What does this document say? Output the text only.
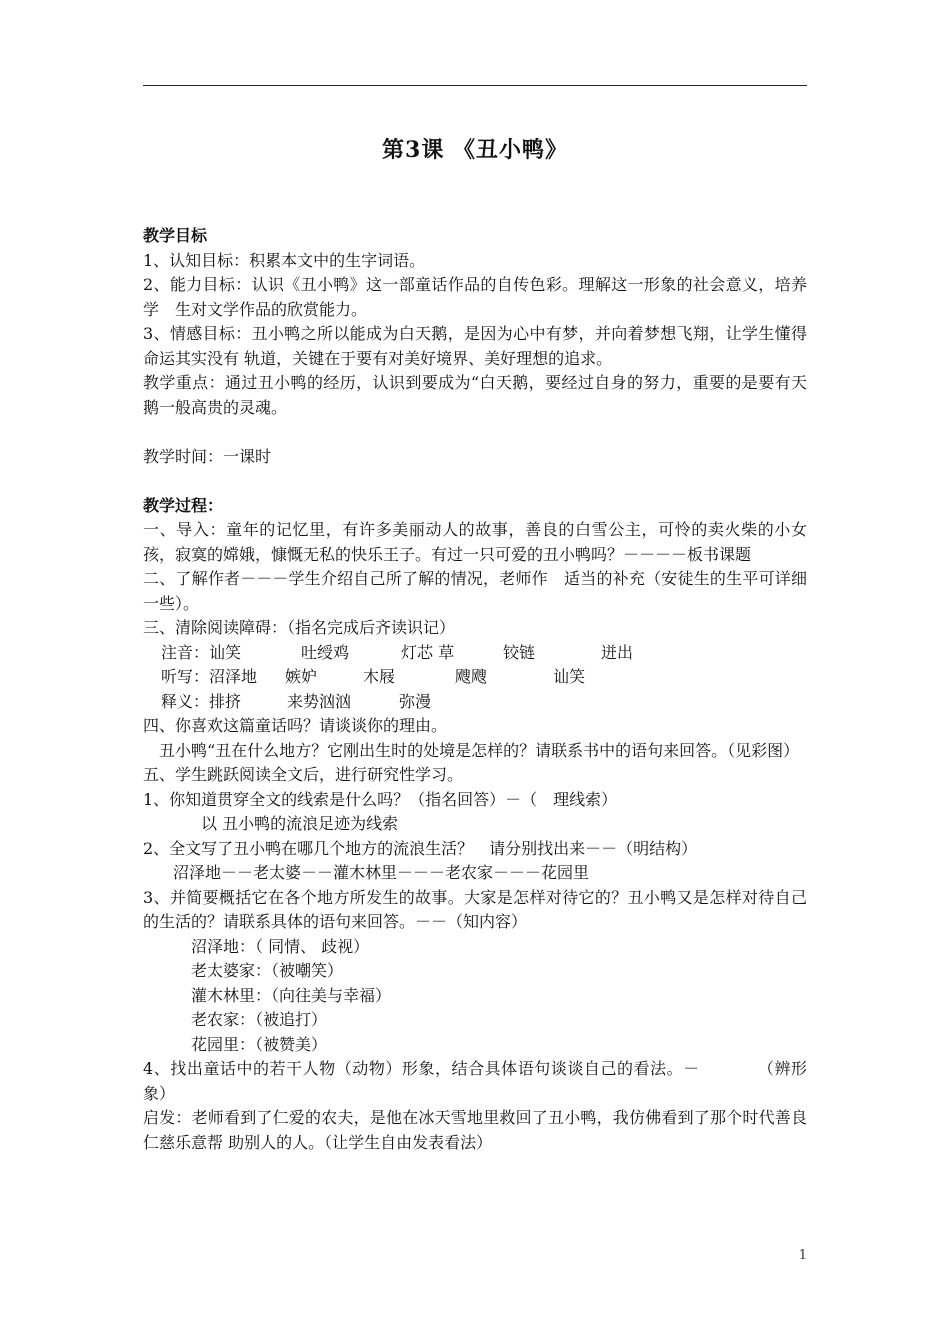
第3课 《丑小鸭》

教学目标

1、认知目标：积累本文中的生字词语。

2、能力目标：认识《丑小鸭》这一部童话作品的自传色彩。理解这一形象的社会意义，培养学　生对文学作品的欣赏能力。

3、情感目标：丑小鸭之所以能成为白天鹅，是因为心中有梦，并向着梦想飞翔，让学生懂得命运其实没有 轨道，关键在于要有对美好境界、美好理想的追求。

教学重点：通过丑小鸭的经历，认识到要成为“白天鹅，要经过自身的努力，重要的是要有天鹅一般高贵的灵魂。

教学时间：一课时

教学过程：

一、导入：童年的记忆里，有许多美丽动人的故事，善良的白雪公主，可怜的卖火柴的小女孩，寂寞的嫦娥，慷慨无私的快乐王子。有过一只可爱的丑小鸭吗？－－－－板书课题

二、了解作者－－－学生介绍自己所了解的情况，老师作　适当的补充（安徒生的生平可详细一些）。

三、清除阅读障碍：（指名完成后齐读识记）

注音：讪笑	吐绶鸡	灯芯 草	铰链	迸出
听写：沼泽地 嫉妒	木屐	飕飕	讪笑
释义：排挤	来势汹汹	弥漫

四、你喜欢这篇童话吗？请谈谈你的理由。

丑小鸭“丑在什么地方？它刚出生时的处境是怎样的？请联系书中的语句来回答。（见彩图）

五、学生跳跃阅读全文后，进行研究性学习。

1、你知道贯穿全文的线索是什么吗？（指名回答）－（　理线索）

以 丑小鸭的流浪足迹为线索

2、全文写了丑小鸭在哪几个地方的流浪生活？　请分别找出来－－（明结构）

沼泽地－－老太婆－－灌木林里－－－老农家－－－花园里

3、并简要概括它在各个地方所发生的故事。大家是怎样对待它的？丑小鸭又是怎样对待自己的生活的？请联系具体的语句来回答。－－（知内容）

沼泽地：（ 同情、 歧视）

老太婆家：（被嘲笑）

灌木林里：（向往美与幸福）

老农家：（被追打）

花园里：（被赞美）

4、找出童话中的若干人物（动物）形象，结合具体语句谈谈自己的看法。－　　　　（辨形象）

启发：老师看到了仁爱的农夫，是他在冰天雪地里救回了丑小鸭，我仿佛看到了那个时代善良仁慈乐意帮 助别人的人。（让学生自由发表看法）

1
